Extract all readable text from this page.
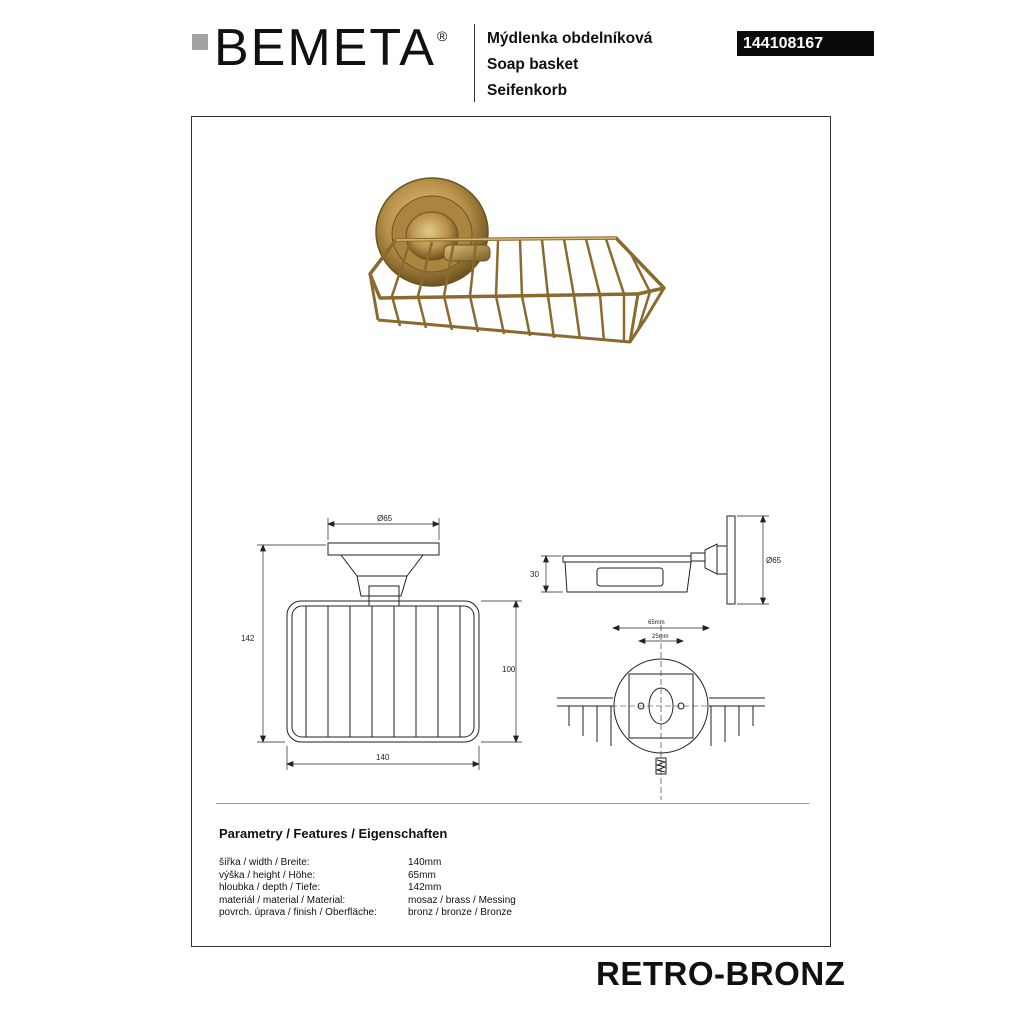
BEMETA ®	Mýdlenka obdelníková
Soap basket
Seifenkorb
144108167
Ø65
142
100
140
30
Ø65
65mm
25mm
Parametry / Features / Eigenschaften
šířka / width / Breite:	140mm
výška / height / Höhe:	65mm
hloubka / depth / Tiefe:	142mm
materiál / material / Material:	mosaz / brass / Messing
povrch. úprava / finish / Oberfläche:	bronz / bronze / Bronze
RETRO-BRONZ
